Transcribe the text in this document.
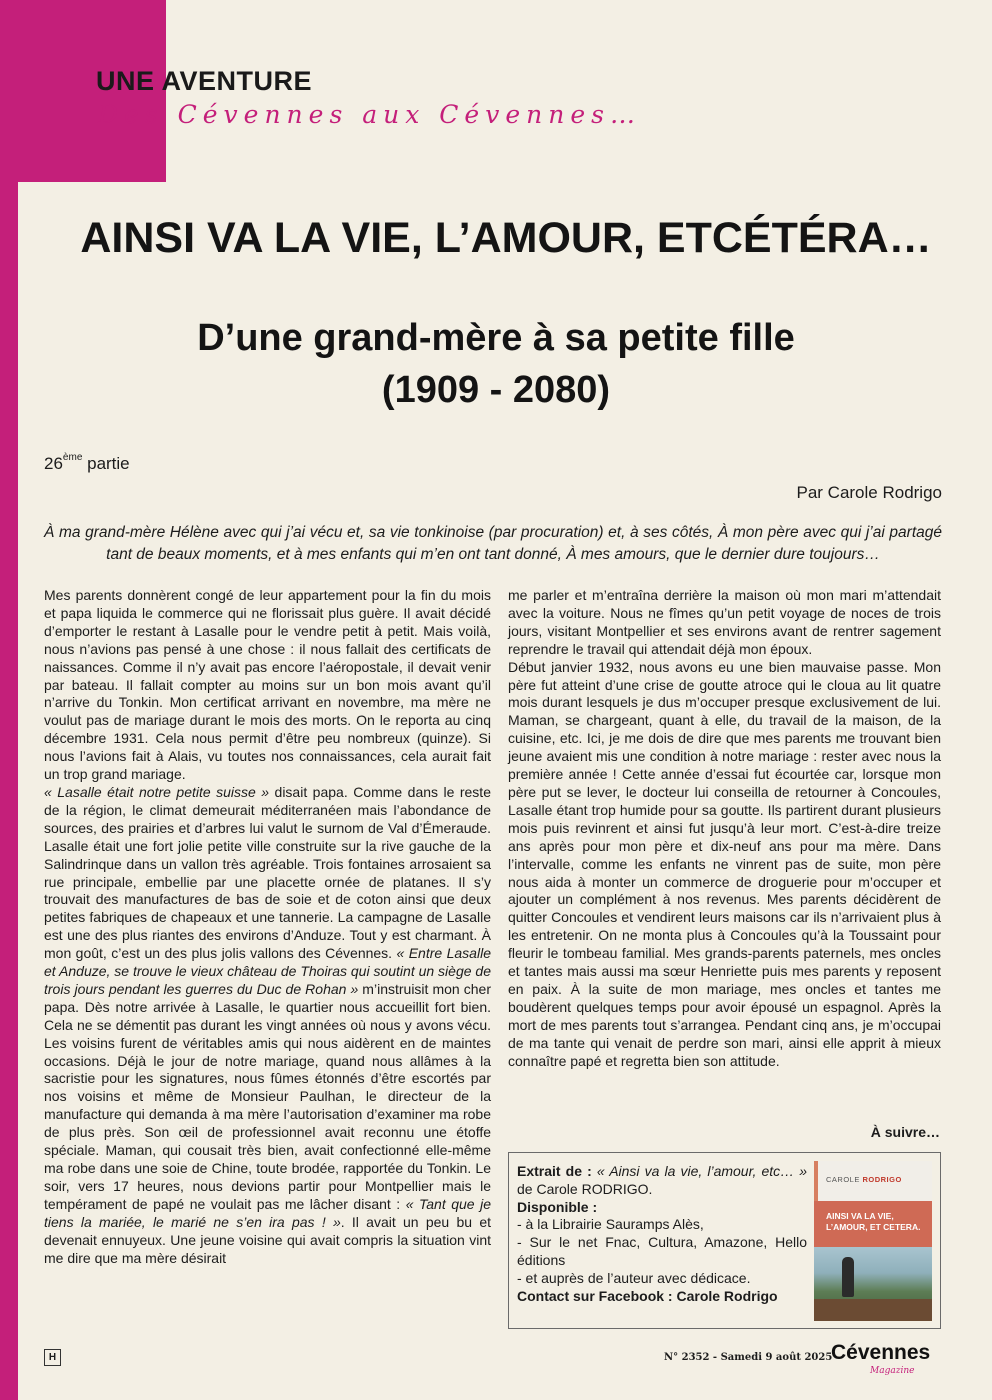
UNE AVENTURE
Des Cévennes aux Cévennes…
AINSI VA LA VIE, L’AMOUR, ETCÉTÉRA…
D’une grand-mère à sa petite fille
(1909 - 2080)
26ème partie
Par Carole Rodrigo
À ma grand-mère Hélène avec qui j’ai vécu et, sa vie tonkinoise (par procuration) et, à ses côtés, À mon père avec qui j’ai partagé tant de beaux moments, et à mes enfants qui m’en ont tant donné, À mes amours, que le dernier dure toujours…

Mes parents donnèrent congé de leur appartement pour la fin du mois et papa liquida le commerce qui ne florissait plus guère. Il avait décidé d’emporter le restant à Lasalle pour le vendre petit à petit. Mais voilà, nous n’avions pas pensé à une chose : il nous fallait des certificats de naissances. Comme il n’y avait pas encore l’aéropostale, il devait venir par bateau. Il fallait compter au moins sur un bon mois avant qu’il n’arrive du Tonkin. Mon certificat arrivant en novembre, ma mère ne voulut pas de mariage durant le mois des morts. On le reporta au cinq décembre 1931. Cela nous permit d’être peu nombreux (quinze). Si nous l’avions fait à Alais, vu toutes nos connaissances, cela aurait fait un trop grand mariage.

« Lasalle était notre petite suisse » disait papa. Comme dans le reste de la région, le climat demeurait méditerranéen mais l’abondance de sources, des prairies et d’arbres lui valut le surnom de Val d’Émeraude. Lasalle était une fort jolie petite ville construite sur la rive gauche de la Salindrinque dans un vallon très agréable. Trois fontaines arrosaient sa rue principale, embellie par une placette ornée de platanes. Il s’y trouvait des manufactures de bas de soie et de coton ainsi que deux petites fabriques de chapeaux et une tannerie. La campagne de Lasalle est une des plus riantes des environs d’Anduze. Tout y est charmant. À mon goût, c’est un des plus jolis vallons des Cévennes. « Entre Lasalle et Anduze, se trouve le vieux château de Thoiras qui soutint un siège de trois jours pendant les guerres du Duc de Rohan » m’instruisit mon cher papa. Dès notre arrivée à Lasalle, le quartier nous accueillit fort bien. Cela ne se démentit pas durant les vingt années où nous y avons vécu. Les voisins furent de véritables amis qui nous aidèrent en de maintes occasions. Déjà le jour de notre mariage, quand nous allâmes à la sacristie pour les signatures, nous fûmes étonnés d’être escortés par nos voisins et même de Monsieur Paulhan, le directeur de la manufacture qui demanda à ma mère l’autorisation d’examiner ma robe de plus près. Son œil de professionnel avait reconnu une étoffe spéciale. Maman, qui cousait très bien, avait confectionné elle-même ma robe dans une soie de Chine, toute brodée, rapportée du Tonkin. Le soir, vers 17 heures, nous devions partir pour Montpellier mais le tempérament de papé ne voulait pas me lâcher disant : « Tant que je tiens la mariée, le marié ne s’en ira pas ! ». Il avait un peu bu et devenait ennuyeux. Une jeune voisine qui avait compris la situation vint me dire que ma mère désirait

me parler et m’entraîna derrière la maison où mon mari m’attendait avec la voiture. Nous ne fîmes qu’un petit voyage de noces de trois jours, visitant Montpellier et ses environs avant de rentrer sagement reprendre le travail qui attendait déjà mon époux.

Début janvier 1932, nous avons eu une bien mauvaise passe. Mon père fut atteint d’une crise de goutte atroce qui le cloua au lit quatre mois durant lesquels je dus m’occuper presque exclusivement de lui. Maman, se chargeant, quant à elle, du travail de la maison, de la cuisine, etc. Ici, je me dois de dire que mes parents me trouvant bien jeune avaient mis une condition à notre mariage : rester avec nous la première année ! Cette année d’essai fut écourtée car, lorsque mon père put se lever, le docteur lui conseilla de retourner à Concoules, Lasalle étant trop humide pour sa goutte. Ils partirent durant plusieurs mois puis revinrent et ainsi fut jusqu’à leur mort. C’est-à-dire treize ans après pour mon père et dix-neuf ans pour ma mère. Dans l’intervalle, comme les enfants ne vinrent pas de suite, mon père nous aida à monter un commerce de droguerie pour m’occuper et ajouter un complément à nos revenus. Mes parents décidèrent de quitter Concoules et vendirent leurs maisons car ils n’arrivaient plus à les entretenir. On ne monta plus à Concoules qu’à la Toussaint pour fleurir le tombeau familial. Mes grands-parents paternels, mes oncles et tantes mais aussi ma sœur Henriette puis mes parents y reposent en paix. À la suite de mon mariage, mes oncles et tantes me boudèrent quelques temps pour avoir épousé un espagnol. Après la mort de mes parents tout s’arrangea. Pendant cinq ans, je m’occupai de ma tante qui venait de perdre son mari, ainsi elle apprit à mieux connaître papé et regretta bien son attitude.

À suivre…
Extrait de : « Ainsi va la vie, l’amour, etc… » de Carole RODRIGO.
Disponible :
- à la Librairie Sauramps Alès,
- Sur le net Fnac, Cultura, Amazone, Hello éditions
- et auprès de l’auteur avec dédicace.
Contact sur Facebook : Carole Rodrigo
CAROLE RODRIGO
AINSI VA LA VIE,
L’AMOUR, ET CETERA.
H	N° 2352 - Samedi 9 août 2025
Cévennes
Magazine
